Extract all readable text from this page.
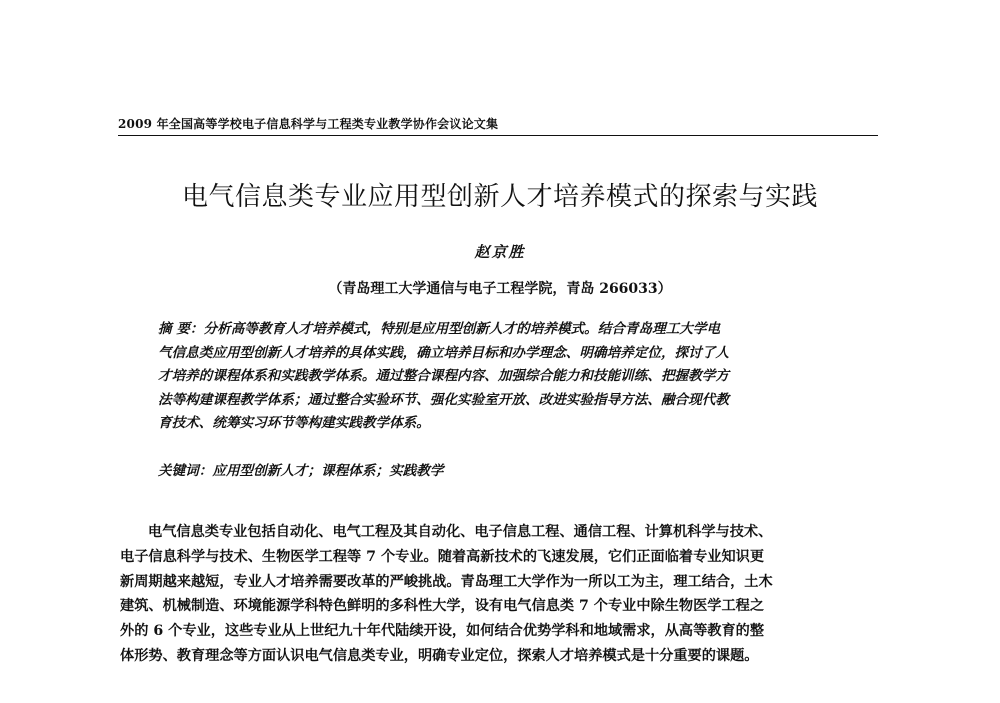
2009 年全国高等学校电子信息科学与工程类专业教学协作会议论文集
电气信息类专业应用型创新人才培养模式的探索与实践
赵京胜
（青岛理工大学通信与电子工程学院，青岛 266033）
摘 要：分析高等教育人才培养模式，特别是应用型创新人才的培养模式。结合青岛理工大学电
气信息类应用型创新人才培养的具体实践，确立培养目标和办学理念、明确培养定位，探讨了人
才培养的课程体系和实践教学体系。通过整合课程内容、加强综合能力和技能训练、把握教学方
法等构建课程教学体系；通过整合实验环节、强化实验室开放、改进实验指导方法、融合现代教
育技术、统筹实习环节等构建实践教学体系。
关键词：应用型创新人才；课程体系；实践教学
电气信息类专业包括自动化、电气工程及其自动化、电子信息工程、通信工程、计算机科学与技术、
电子信息科学与技术、生物医学工程等 7 个专业。随着高新技术的飞速发展，它们正面临着专业知识更
新周期越来越短，专业人才培养需要改革的严峻挑战。青岛理工大学作为一所以工为主，理工结合，土木
建筑、机械制造、环境能源学科特色鲜明的多科性大学，设有电气信息类 7 个专业中除生物医学工程之
外的 6 个专业，这些专业从上世纪九十年代陆续开设，如何结合优势学科和地域需求，从高等教育的整
体形势、教育理念等方面认识电气信息类专业，明确专业定位，探索人才培养模式是十分重要的课题。
